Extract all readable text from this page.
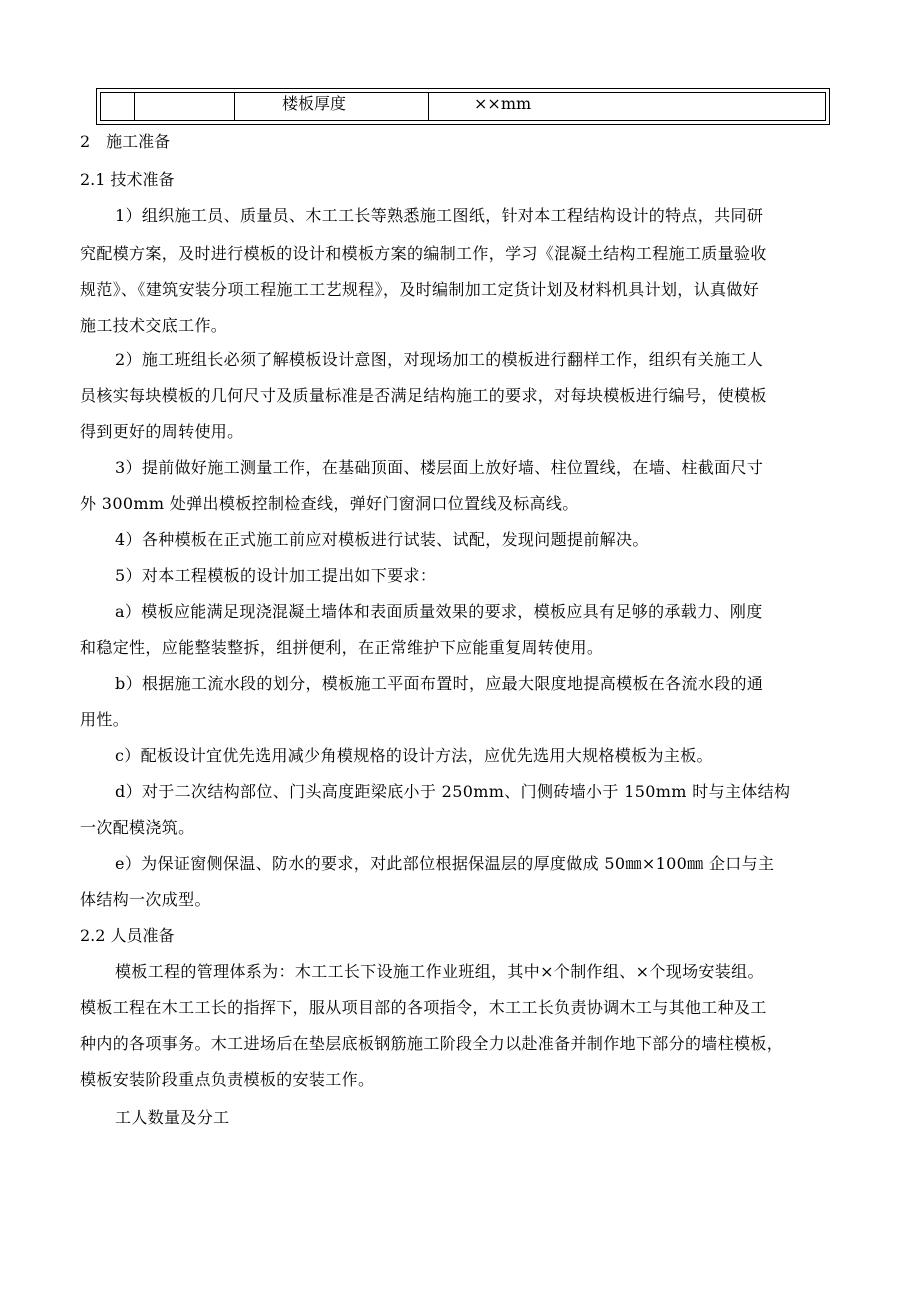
楼板厚度	××mm
2　施工准备
2.1 技术准备
1）组织施工员、质量员、木工工长等熟悉施工图纸，针对本工程结构设计的特点，共同研
究配模方案，及时进行模板的设计和模板方案的编制工作，学习《混凝土结构工程施工质量验收
规范》、《建筑安装分项工程施工工艺规程》，及时编制加工定货计划及材料机具计划，认真做好
施工技术交底工作。
2）施工班组长必须了解模板设计意图，对现场加工的模板进行翻样工作，组织有关施工人
员核实每块模板的几何尺寸及质量标准是否满足结构施工的要求，对每块模板进行编号，使模板
得到更好的周转使用。
3）提前做好施工测量工作，在基础顶面、楼层面上放好墙、柱位置线，在墙、柱截面尺寸
外 300mm 处弹出模板控制检查线，弹好门窗洞口位置线及标高线。
4）各种模板在正式施工前应对模板进行试装、试配，发现问题提前解决。
5）对本工程模板的设计加工提出如下要求：
a）模板应能满足现浇混凝土墙体和表面质量效果的要求，模板应具有足够的承载力、刚度
和稳定性，应能整装整拆，组拼便利，在正常维护下应能重复周转使用。
b）根据施工流水段的划分，模板施工平面布置时，应最大限度地提高模板在各流水段的通
用性。
c）配板设计宜优先选用减少角模规格的设计方法，应优先选用大规格模板为主板。
d）对于二次结构部位、门头高度距梁底小于 250mm、门侧砖墙小于 150mm 时与主体结构
一次配模浇筑。
e）为保证窗侧保温、防水的要求，对此部位根据保温层的厚度做成 50㎜×100㎜ 企口与主
体结构一次成型。
2.2 人员准备
模板工程的管理体系为：木工工长下设施工作业班组，其中×个制作组、×个现场安装组。
模板工程在木工工长的指挥下，服从项目部的各项指令，木工工长负责协调木工与其他工种及工
种内的各项事务。木工进场后在垫层底板钢筋施工阶段全力以赴准备并制作地下部分的墙柱模板，
模板安装阶段重点负责模板的安装工作。
工人数量及分工
